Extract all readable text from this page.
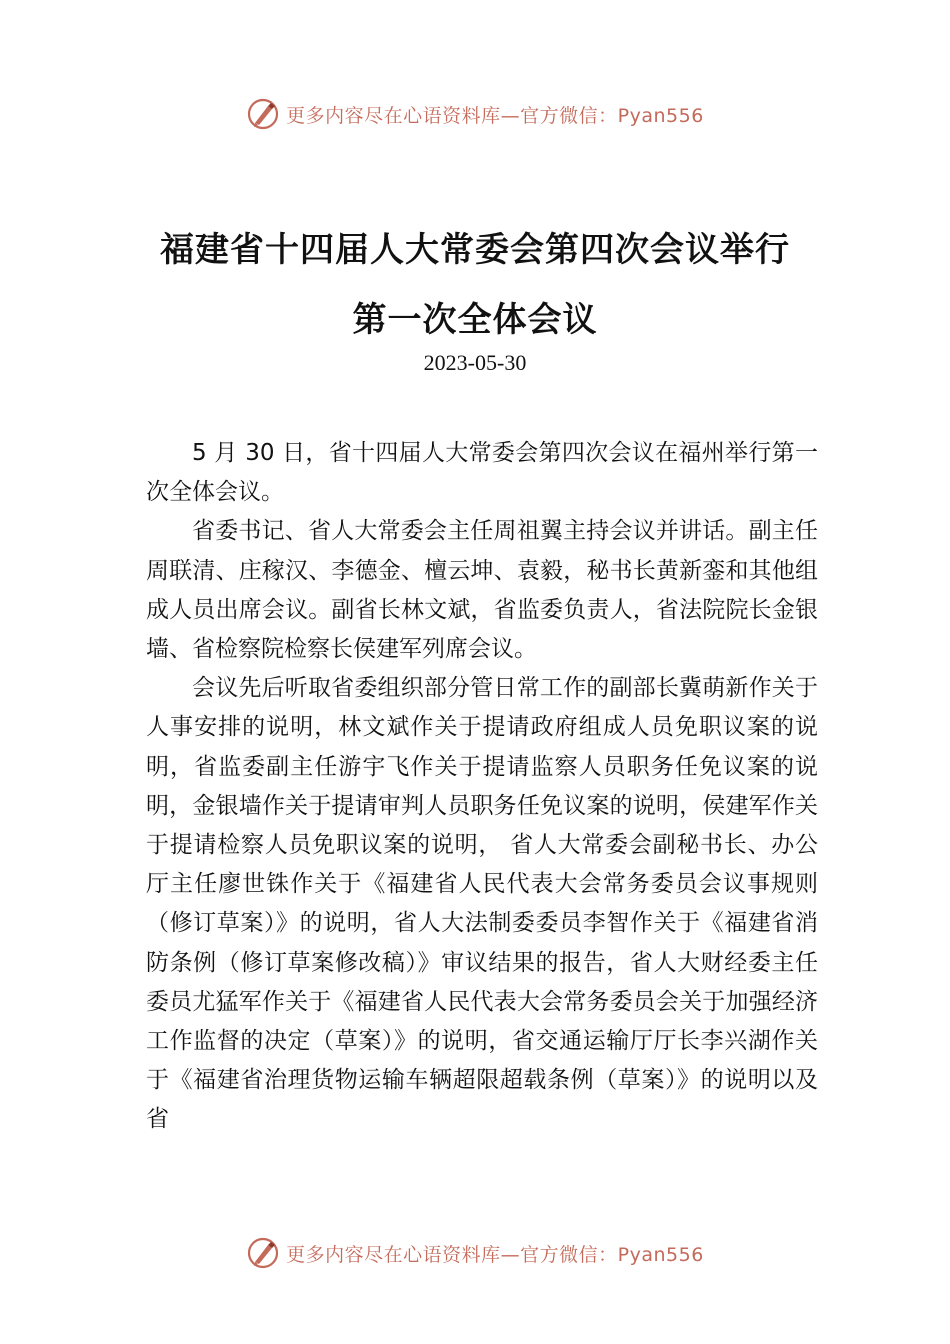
更多内容尽在心语资料库—官方微信：Pyan556
福建省十四届人大常委会第四次会议举行
第一次全体会议
2023-05-30

5 月 30 日，省十四届人大常委会第四次会议在福州举行第一次全体会议。

省委书记、省人大常委会主任周祖翼主持会议并讲话。副主任周联清、庄稼汉、李德金、檀云坤、袁毅，秘书长黄新銮和其他组成人员出席会议。副省长林文斌，省监委负责人，省法院院长金银墙、省检察院检察长侯建军列席会议。

会议先后听取省委组织部分管日常工作的副部长冀萌新作关于人事安排的说明，林文斌作关于提请政府组成人员免职议案的说明，省监委副主任游宇飞作关于提请监察人员职务任免议案的说明，金银墙作关于提请审判人员职务任免议案的说明，侯建军作关于提请检察人员免职议案的说明， 省人大常委会副秘书长、办公厅主任廖世铢作关于《福建省人民代表大会常务委员会议事规则（修订草案）》的说明，省人大法制委委员李智作关于《福建省消防条例（修订草案修改稿）》审议结果的报告，省人大财经委主任委员尤猛军作关于《福建省人民代表大会常务委员会关于加强经济工作监督的决定（草案）》的说明，省交通运输厅厅长李兴湖作关于《福建省治理货物运输车辆超限超载条例（草案）》的说明以及省

更多内容尽在心语资料库—官方微信：Pyan556
